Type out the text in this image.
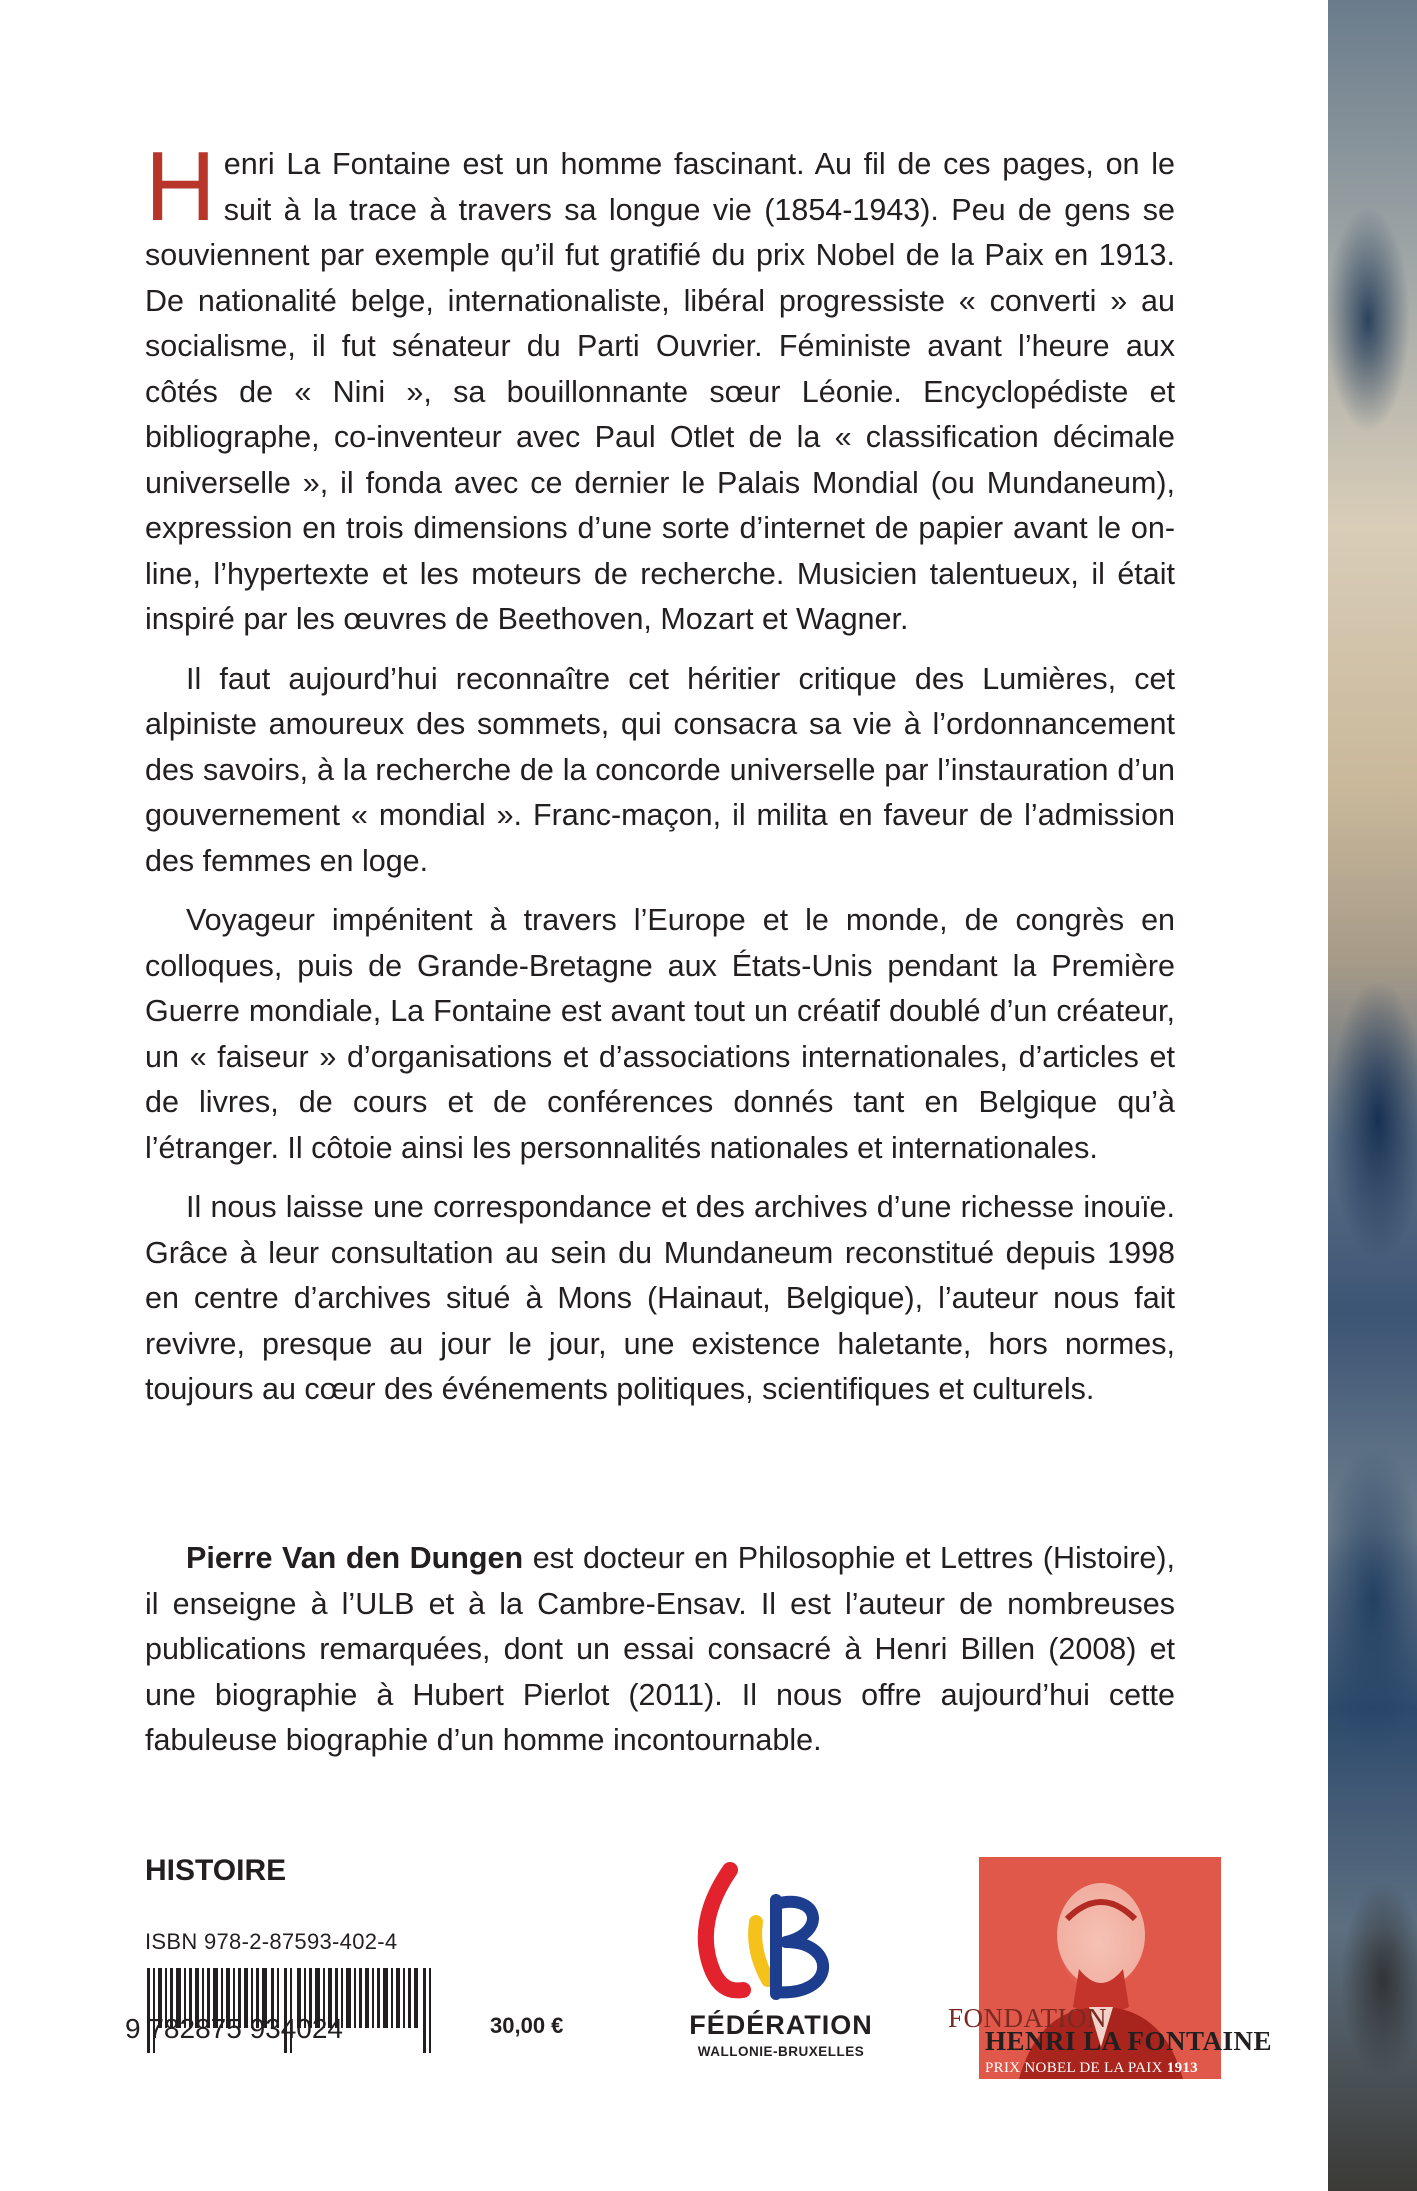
Henri La Fontaine est un homme fascinant. Au fil de ces pages, on le suit à la trace à travers sa longue vie (1854-1943). Peu de gens se souviennent par exemple qu’il fut gratifié du prix Nobel de la Paix en 1913. De nationalité belge, internationaliste, libéral progressiste « converti » au socialisme, il fut sénateur du Parti Ouvrier. Féministe avant l’heure aux côtés de « Nini », sa bouillonnante sœur Léonie. Encyclopédiste et bibliographe, co-inventeur avec Paul Otlet de la « classification décimale universelle », il fonda avec ce dernier le Palais Mondial (ou Mundaneum), expression en trois dimensions d’une sorte d’internet de papier avant le on-line, l’hypertexte et les moteurs de recherche. Musicien talentueux, il était inspiré par les œuvres de Beethoven, Mozart et Wagner.

Il faut aujourd’hui reconnaître cet héritier critique des Lumières, cet alpiniste amoureux des sommets, qui consacra sa vie à l’ordonnancement des savoirs, à la recherche de la concorde universelle par l’instauration d’un gouvernement « mondial ». Franc-maçon, il milita en faveur de l’admission des femmes en loge.

Voyageur impénitent à travers l’Europe et le monde, de congrès en colloques, puis de Grande-Bretagne aux États-Unis pendant la Première Guerre mondiale, La Fontaine est avant tout un créatif doublé d’un créateur, un « faiseur » d’organisations et d’associations internationales, d’articles et de livres, de cours et de conférences donnés tant en Belgique qu’à l’étranger. Il côtoie ainsi les personnalités nationales et internationales.

Il nous laisse une correspondance et des archives d’une richesse inouïe. Grâce à leur consultation au sein du Mundaneum reconstitué depuis 1998 en centre d’archives situé à Mons (Hainaut, Belgique), l’auteur nous fait revivre, presque au jour le jour, une existence haletante, hors normes, toujours au cœur des événements politiques, scientifiques et culturels.

Pierre Van den Dungen est docteur en Philosophie et Lettres (Histoire), il enseigne à l’ULB et à la Cambre-Ensav. Il est l’auteur de nombreuses publications remarquées, dont un essai consacré à Henri Billen (2008) et une biographie à Hubert Pierlot (2011). Il nous offre aujourd’hui cette fabuleuse biographie d’un homme incontournable.

HISTOIRE

ISBN 978-2-87593-402-4

9 782875 934024	30,00 €	FÉDÉRATION

WALLONIE-BRUXELLES

FONDATION

HENRI LA FONTAINE

PRIX NOBEL DE LA PAIX 1913
